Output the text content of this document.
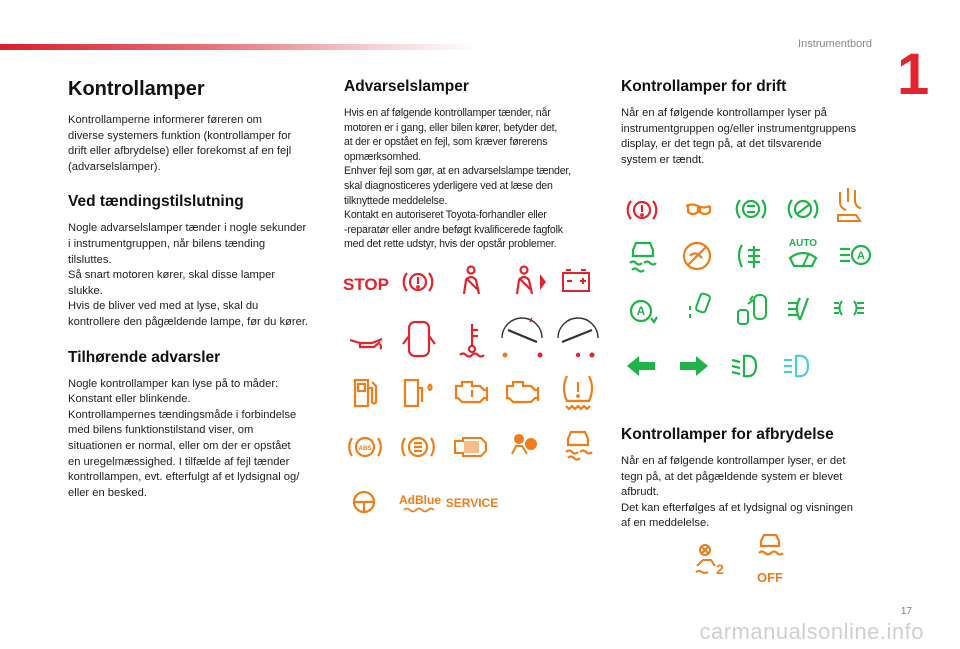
Instrumentbord 1
17
carmanualsonline.info
Kontrollamper

Kontrollamperne informerer føreren om
diverse systemers funktion (kontrollamper for
drift eller afbrydelse) eller forekomst af en fejl
(advarselslamper).

Ved tændingstilslutning

Nogle advarselslamper tænder i nogle sekunder
i instrumentgruppen, når bilens tænding
tilsluttes.
Så snart motoren kører, skal disse lamper
slukke.
Hvis de bliver ved med at lyse, skal du
kontrollere den pågældende lampe, før du kører.

Tilhørende advarsler

Nogle kontrollamper kan lyse på to måder:
Konstant eller blinkende.
Kontrollampernes tændingsmåde i forbindelse
med bilens funktionstilstand viser, om
situationen er normal, eller om der er opstået
en uregelmæssighed. I tilfælde af fejl tænder
kontrollampen, evt. efterfulgt af et lydsignal og/
eller en besked.

Advarselslamper

Hvis en af følgende kontrollamper tænder, når
motoren er i gang, eller bilen kører, betyder det,
at der er opstået en fejl, som kræver førerens
opmærksomhed.
Enhver fejl som gør, at en advarselslampe tænder,
skal diagnosticeres yderligere ved at læse den
tilknyttede meddelelse.
Kontakt en autoriseret Toyota-forhandler eller
-reparatør eller andre beføgt kvalificerede fagfolk
med det rette udstyr, hvis der opstår problemer.

Kontrollamper for drift

Når en af følgende kontrollamper lyser på
instrumentgruppen og/eller instrumentgruppens
display, er det tegn på, at det tilsvarende
system er tændt.

Kontrollamper for afbrydelse

Når en af følgende kontrollamper lyser, er det
tegn på, at det pågældende system er blevet
afbrudt.
Det kan efterfølges af et lydsignal og visningen
af en meddelelse.

STOP
ABS
AdBlue SERVICE
AUTO
A
A
2
OFF
